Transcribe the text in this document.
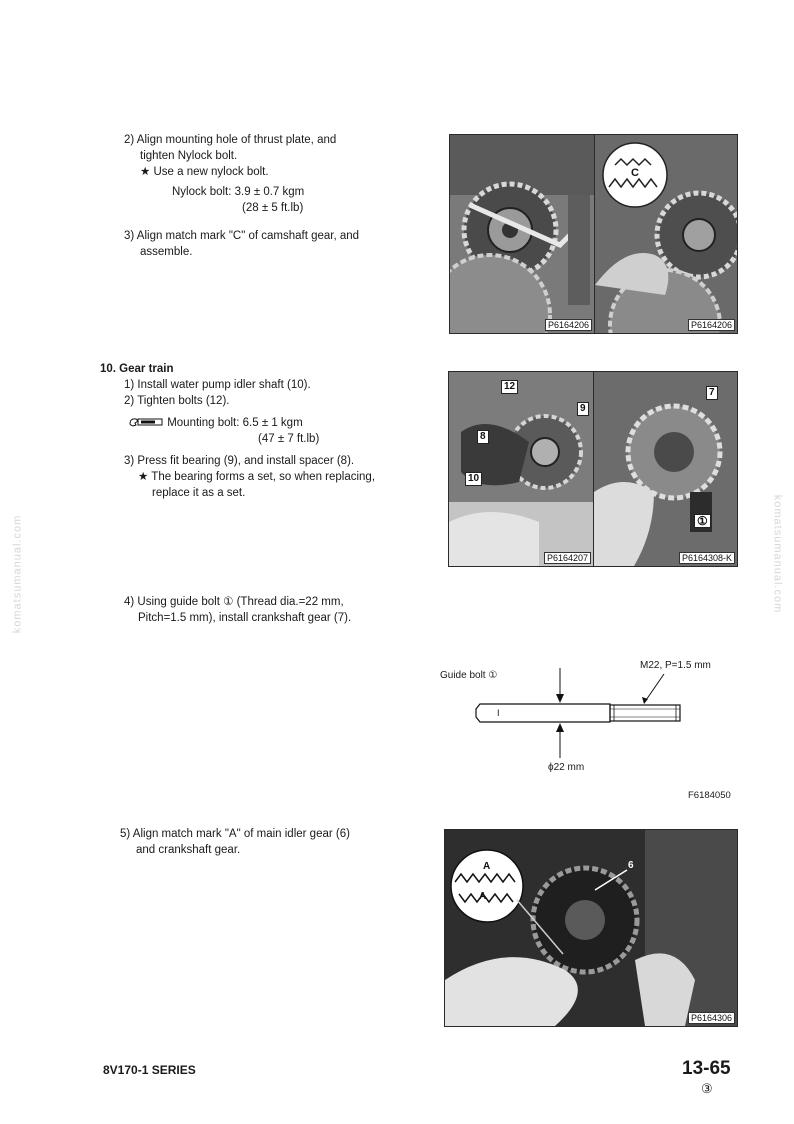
2) Align mounting hole of thrust plate, and
tighten Nylock bolt.
★ Use a new nylock bolt.
Nylock bolt: 3.9 ± 0.7 kgm
(28 ± 5 ft.lb)
3) Align match mark "C" of camshaft gear, and
assemble.
10. Gear train
1) Install water pump idler shaft (10).
2) Tighten bolts (12).
Mounting bolt: 6.5 ± 1 kgm
(47 ± 7 ft.lb)
3) Press fit bearing (9), and install spacer (8).
★ The bearing forms a set, so when replacing,
replace it as a set.
4) Using guide bolt ① (Thread dia.=22 mm,
Pitch=1.5 mm), install crankshaft gear (7).
5) Align match mark "A" of main idler gear (6)
and crankshaft gear.
P6164206
C
P6164206
12
9
8
10
P6164207
7
①
P6164308-K
I
Guide bolt ①
M22, P=1.5 mm
ϕ22 mm
F6184050
A
A
6
P6164306
komatsumanual.com	komatsumanual.com
8V170-1 SERIES	13-65
③
